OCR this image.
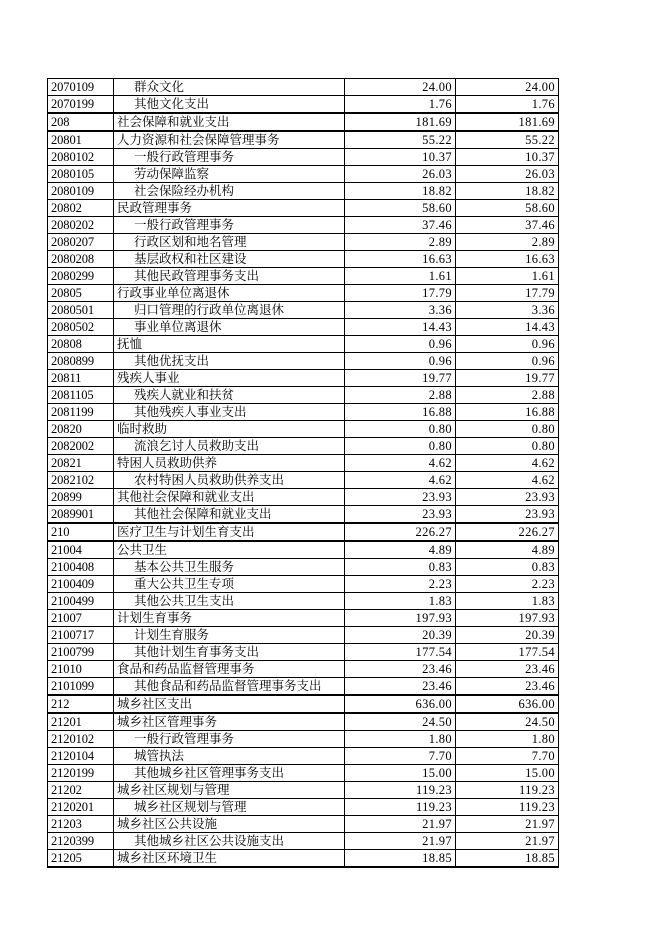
2070109	群众文化	24.00	24.00
2070199	其他文化支出	1.76	1.76
208	社会保障和就业支出	181.69	181.69
20801	人力资源和社会保障管理事务	55.22	55.22
2080102	一般行政管理事务	10.37	10.37
2080105	劳动保障监察	26.03	26.03
2080109	社会保险经办机构	18.82	18.82
20802	民政管理事务	58.60	58.60
2080202	一般行政管理事务	37.46	37.46
2080207	行政区划和地名管理	2.89	2.89
2080208	基层政权和社区建设	16.63	16.63
2080299	其他民政管理事务支出	1.61	1.61
20805	行政事业单位离退休	17.79	17.79
2080501	归口管理的行政单位离退休	3.36	3.36
2080502	事业单位离退休	14.43	14.43
20808	抚恤	0.96	0.96
2080899	其他优抚支出	0.96	0.96
20811	残疾人事业	19.77	19.77
2081105	残疾人就业和扶贫	2.88	2.88
2081199	其他残疾人事业支出	16.88	16.88
20820	临时救助	0.80	0.80
2082002	流浪乞讨人员救助支出	0.80	0.80
20821	特困人员救助供养	4.62	4.62
2082102	农村特困人员救助供养支出	4.62	4.62
20899	其他社会保障和就业支出	23.93	23.93
2089901	其他社会保障和就业支出	23.93	23.93
210	医疗卫生与计划生育支出	226.27	226.27
21004	公共卫生	4.89	4.89
2100408	基本公共卫生服务	0.83	0.83
2100409	重大公共卫生专项	2.23	2.23
2100499	其他公共卫生支出	1.83	1.83
21007	计划生育事务	197.93	197.93
2100717	计划生育服务	20.39	20.39
2100799	其他计划生育事务支出	177.54	177.54
21010	食品和药品监督管理事务	23.46	23.46
2101099	其他食品和药品监督管理事务支出	23.46	23.46
212	城乡社区支出	636.00	636.00
21201	城乡社区管理事务	24.50	24.50
2120102	一般行政管理事务	1.80	1.80
2120104	城管执法	7.70	7.70
2120199	其他城乡社区管理事务支出	15.00	15.00
21202	城乡社区规划与管理	119.23	119.23
2120201	城乡社区规划与管理	119.23	119.23
21203	城乡社区公共设施	21.97	21.97
2120399	其他城乡社区公共设施支出	21.97	21.97
21205	城乡社区环境卫生	18.85	18.85
